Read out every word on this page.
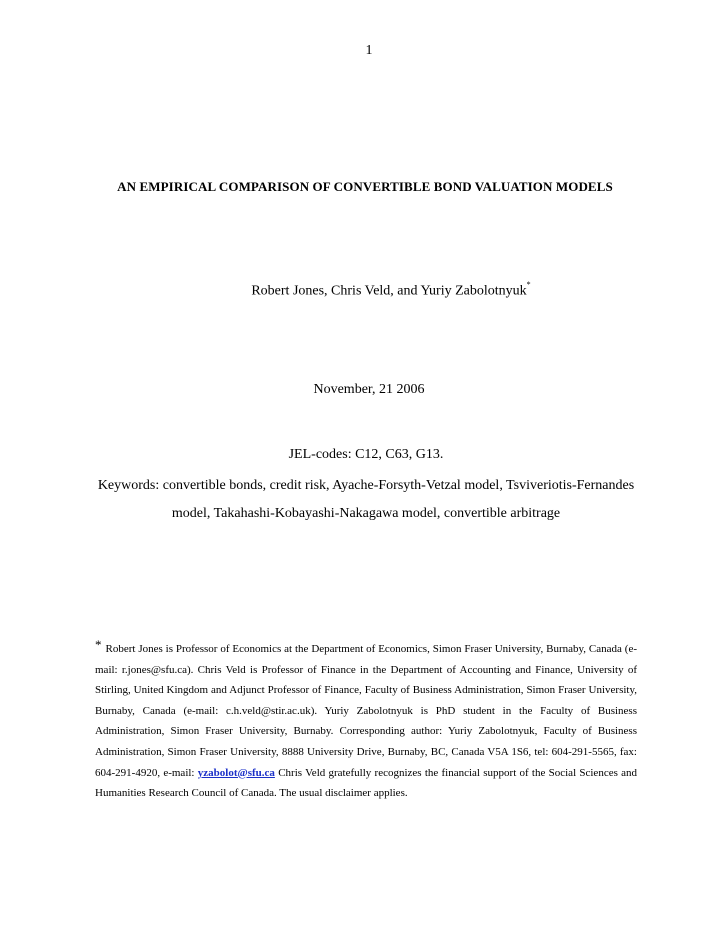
1
AN EMPIRICAL COMPARISON OF CONVERTIBLE BOND VALUATION MODELS
Robert Jones, Chris Veld, and Yuriy Zabolotnyuk*
November, 21 2006
JEL-codes: C12, C63, G13.
Keywords: convertible bonds, credit risk, Ayache-Forsyth-Vetzal model, Tsviveriotis-Fernandes model, Takahashi-Kobayashi-Nakagawa model, convertible arbitrage
* Robert Jones is Professor of Economics at the Department of Economics, Simon Fraser University, Burnaby, Canada (e-mail: r.jones@sfu.ca). Chris Veld is Professor of Finance in the Department of Accounting and Finance, University of Stirling, United Kingdom and Adjunct Professor of Finance, Faculty of Business Administration, Simon Fraser University, Burnaby, Canada (e-mail: c.h.veld@stir.ac.uk). Yuriy Zabolotnyuk is PhD student in the Faculty of Business Administration, Simon Fraser University, Burnaby. Corresponding author: Yuriy Zabolotnyuk, Faculty of Business Administration, Simon Fraser University, 8888 University Drive, Burnaby, BC, Canada V5A 1S6, tel: 604-291-5565, fax: 604-291-4920, e-mail: yzabolot@sfu.ca Chris Veld gratefully recognizes the financial support of the Social Sciences and Humanities Research Council of Canada. The usual disclaimer applies.
